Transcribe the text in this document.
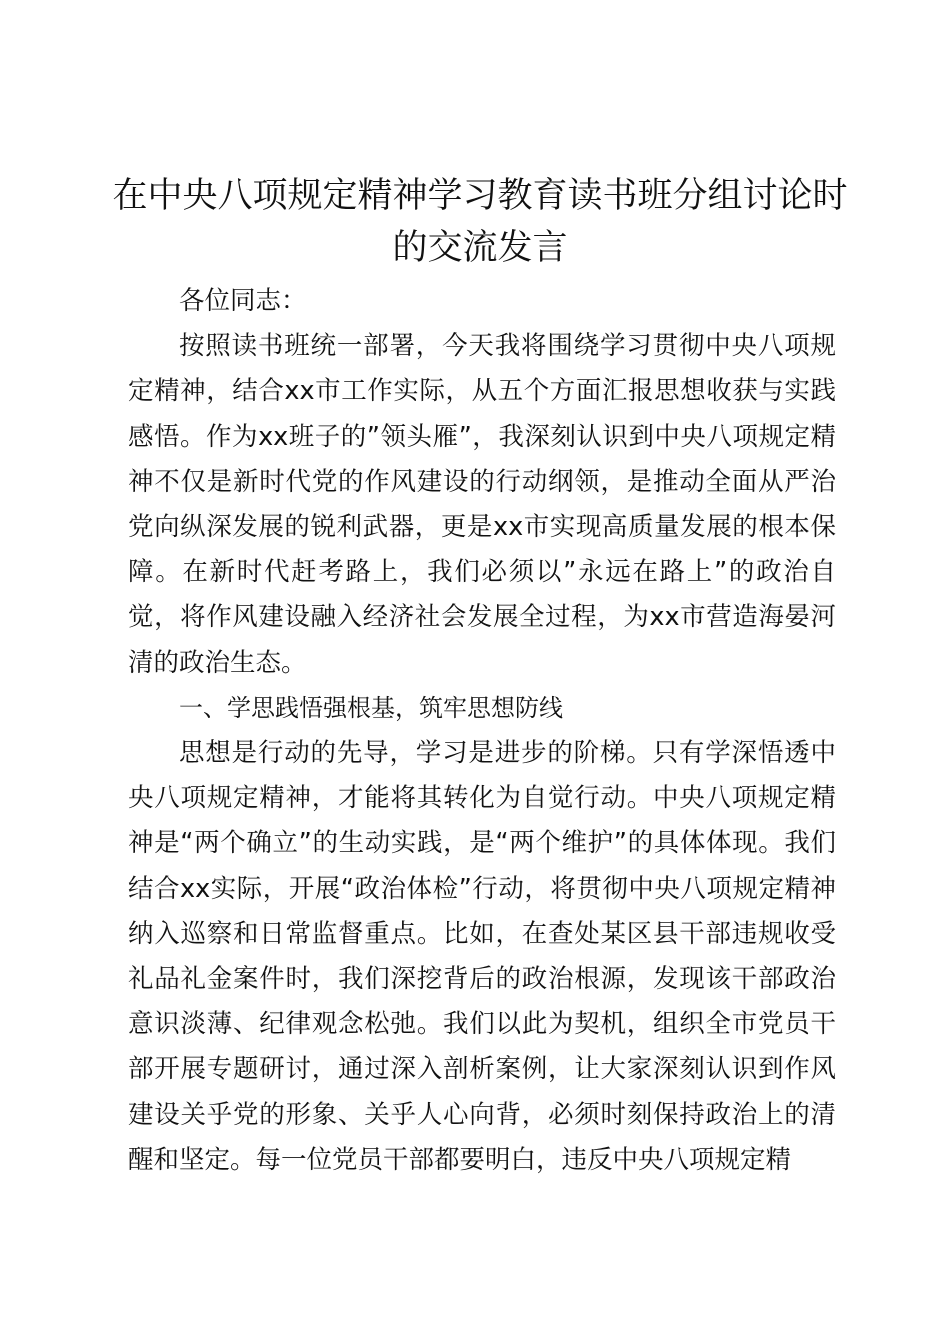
在中央八项规定精神学习教育读书班分组讨论时的交流发言

各位同志：

按照读书班统一部署，今天我将围绕学习贯彻中央八项规定精神，结合xx市工作实际，从五个方面汇报思想收获与实践感悟。作为xx班子的”领头雁”，我深刻认识到中央八项规定精神不仅是新时代党的作风建设的行动纲领，是推动全面从严治党向纵深发展的锐利武器，更是xx市实现高质量发展的根本保障。在新时代赶考路上，我们必须以”永远在路上”的政治自觉，将作风建设融入经济社会发展全过程，为xx市营造海晏河清的政治生态。

一、学思践悟强根基，筑牢思想防线

思想是行动的先导，学习是进步的阶梯。只有学深悟透中央八项规定精神，才能将其转化为自觉行动。中央八项规定精神是“两个确立”的生动实践，是“两个维护”的具体体现。我们结合xx实际，开展“政治体检”行动，将贯彻中央八项规定精神纳入巡察和日常监督重点。比如，在查处某区县干部违规收受礼品礼金案件时，我们深挖背后的政治根源，发现该干部政治意识淡薄、纪律观念松弛。我们以此为契机，组织全市党员干部开展专题研讨，通过深入剖析案例，让大家深刻认识到作风建设关乎党的形象、关乎人心向背，必须时刻保持政治上的清醒和坚定。每一位党员干部都要明白，违反中央八项规定精
